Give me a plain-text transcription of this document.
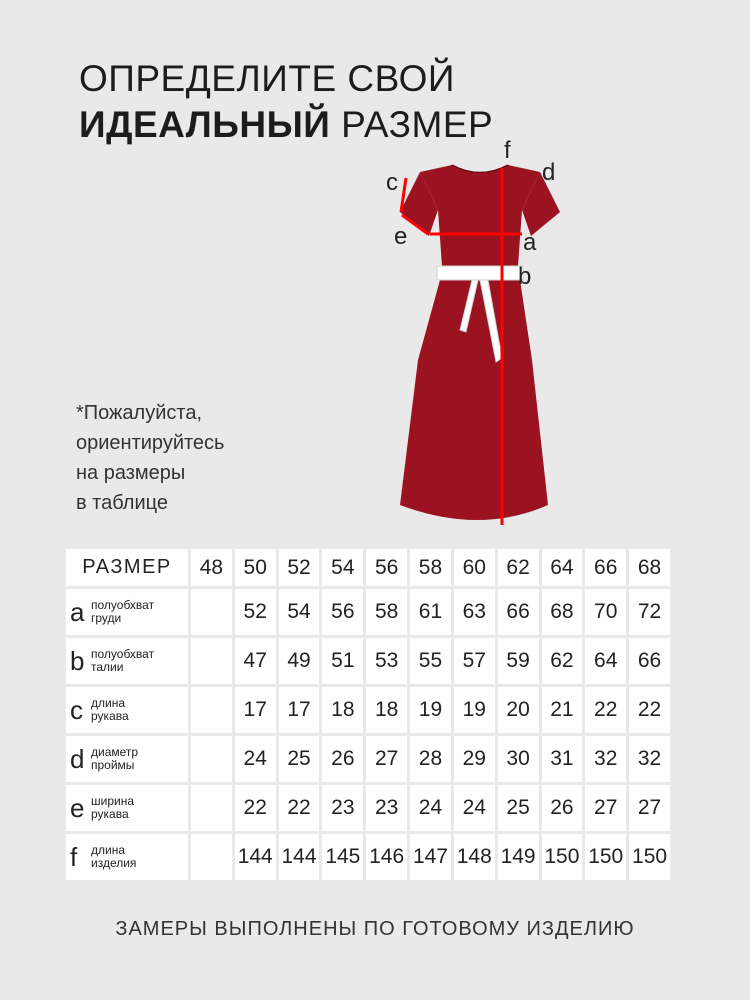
ОПРЕДЕЛИТЕ СВОЙ
ИДЕАЛЬНЫЙ РАЗМЕР
f
c	d
e	a
b
*Пожалуйста,
ориентируйтесь
на размеры
в таблице
РАЗМЕР	48	50	52	54	56	58	60	62	64	66	68

a полуобхват
груди		52	54	56	58	61	63	66	68	70	72

b полуобхват
талии		47	49	51	53	55	57	59	62	64	66

c длина
рукава		17	17	18	18	19	19	20	21	22	22

d диаметр
проймы		24	25	26	27	28	29	30	31	32	32

e ширина
рукава		22	22	23	23	24	24	25	26	27	27

f длина
изделия		144	144	145	146	147	148	149	150	150	150
ЗАМЕРЫ ВЫПОЛНЕНЫ ПО ГОТОВОМУ ИЗДЕЛИЮ
